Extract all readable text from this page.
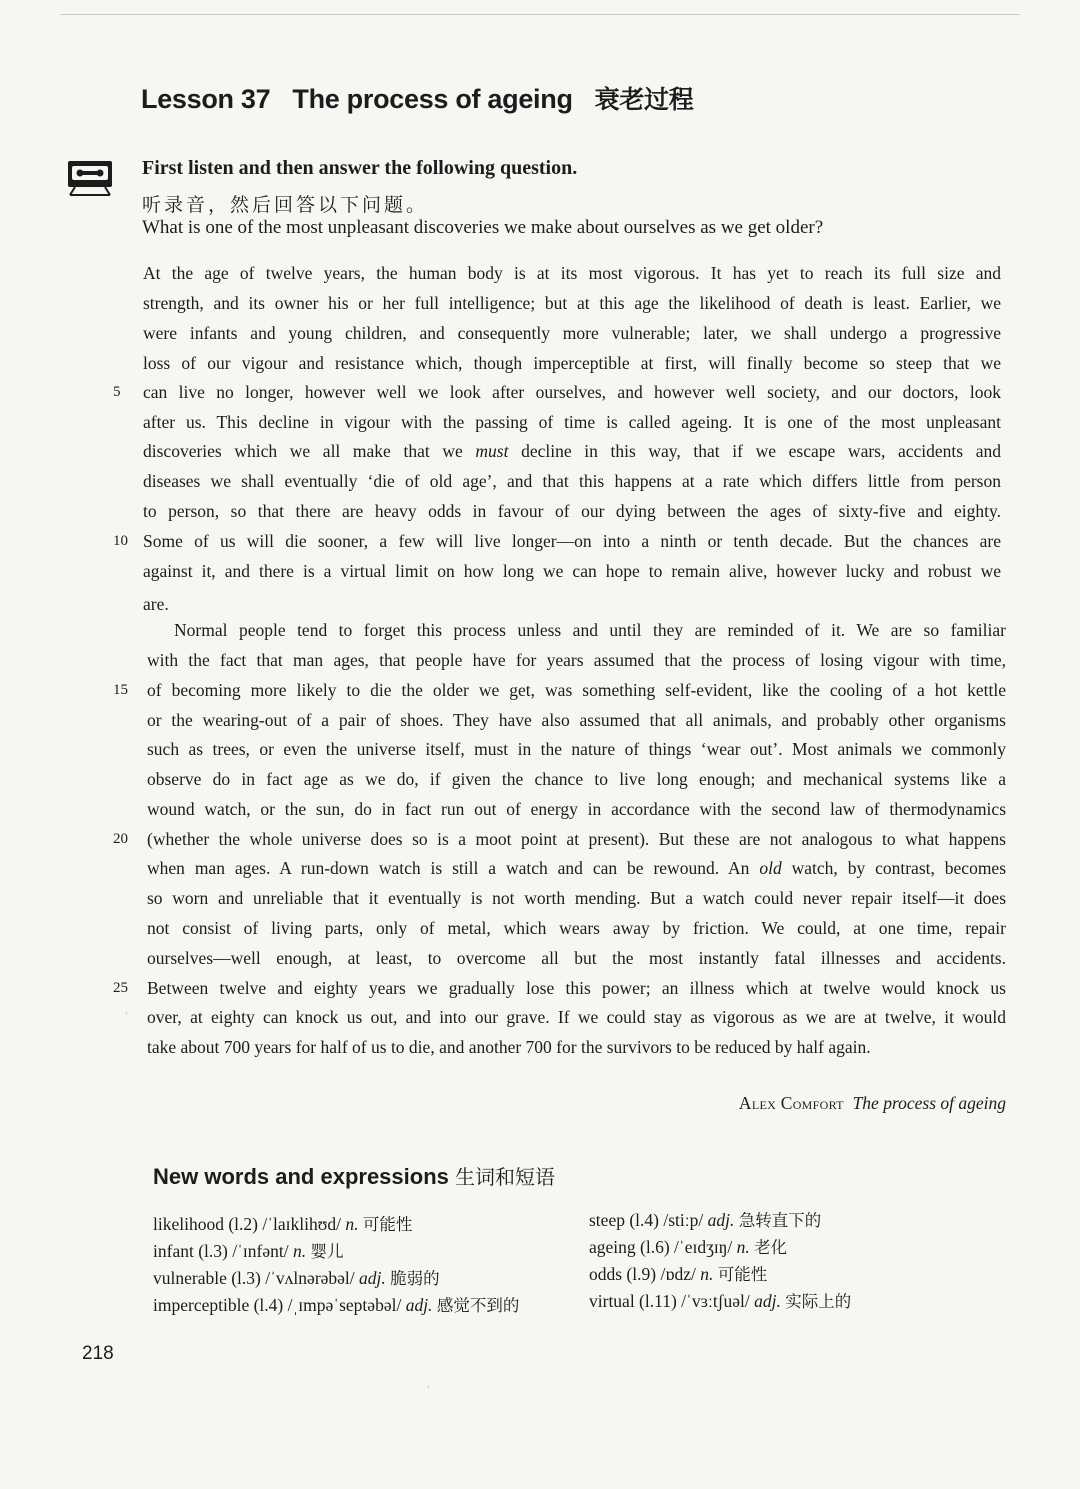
Lesson 37 The process of ageing 衰老过程
First listen and then answer the following question.
听录音，然后回答以下问题。
What is one of the most unpleasant discoveries we make about ourselves as we get older?
At the age of twelve years, the human body is at its most vigorous. It has yet to reach its full size and
strength, and its owner his or her full intelligence; but at this age the likelihood of death is least. Earlier, we
were infants and young children, and consequently more vulnerable; later, we shall undergo a progressive
loss of our vigour and resistance which, though imperceptible at first, will finally become so steep that we
5 can live no longer, however well we look after ourselves, and however well society, and our doctors, look
after us. This decline in vigour with the passing of time is called ageing. It is one of the most unpleasant
discoveries which we all make that we must decline in this way, that if we escape wars, accidents and
diseases we shall eventually ‘die of old age’, and that this happens at a rate which differs little from person
to person, so that there are heavy odds in favour of our dying between the ages of sixty-five and eighty.
10 Some of us will die sooner, a few will live longer—on into a ninth or tenth decade. But the chances are
against it, and there is a virtual limit on how long we can hope to remain alive, however lucky and robust we
are.
Normal people tend to forget this process unless and until they are reminded of it. We are so familiar
with the fact that man ages, that people have for years assumed that the process of losing vigour with time,
15 of becoming more likely to die the older we get, was something self-evident, like the cooling of a hot kettle
or the wearing-out of a pair of shoes. They have also assumed that all animals, and probably other organisms
such as trees, or even the universe itself, must in the nature of things ‘wear out’. Most animals we commonly
observe do in fact age as we do, if given the chance to live long enough; and mechanical systems like a
wound watch, or the sun, do in fact run out of energy in accordance with the second law of thermodynamics
20 (whether the whole universe does so is a moot point at present). But these are not analogous to what happens
when man ages. A run-down watch is still a watch and can be rewound. An old watch, by contrast, becomes
so worn and unreliable that it eventually is not worth mending. But a watch could never repair itself—it does
not consist of living parts, only of metal, which wears away by friction. We could, at one time, repair
ourselves—well enough, at least, to overcome all but the most instantly fatal illnesses and accidents.
25 Between twelve and eighty years we gradually lose this power; an illness which at twelve would knock us
over, at eighty can knock us out, and into our grave. If we could stay as vigorous as we are at twelve, it would
take about 700 years for half of us to die, and another 700 for the survivors to be reduced by half again.
Alex Comfort The process of ageing
New words and expressions 生词和短语
likelihood (l.2) /ˈlaɪklihʊd/ n. 可能性
infant (l.3) /ˈɪnfənt/ n. 婴儿
vulnerable (l.3) /ˈvʌlnərəbəl/ adj. 脆弱的
imperceptible (l.4) /ˌɪmpəˈseptəbəl/ adj. 感觉不到的
steep (l.4) /stiːp/ adj. 急转直下的
ageing (l.6) /ˈeɪdʒɪŋ/ n. 老化
odds (l.9) /ɒdz/ n. 可能性
virtual (l.11) /ˈvɜːtʃuəl/ adj. 实际上的
218
